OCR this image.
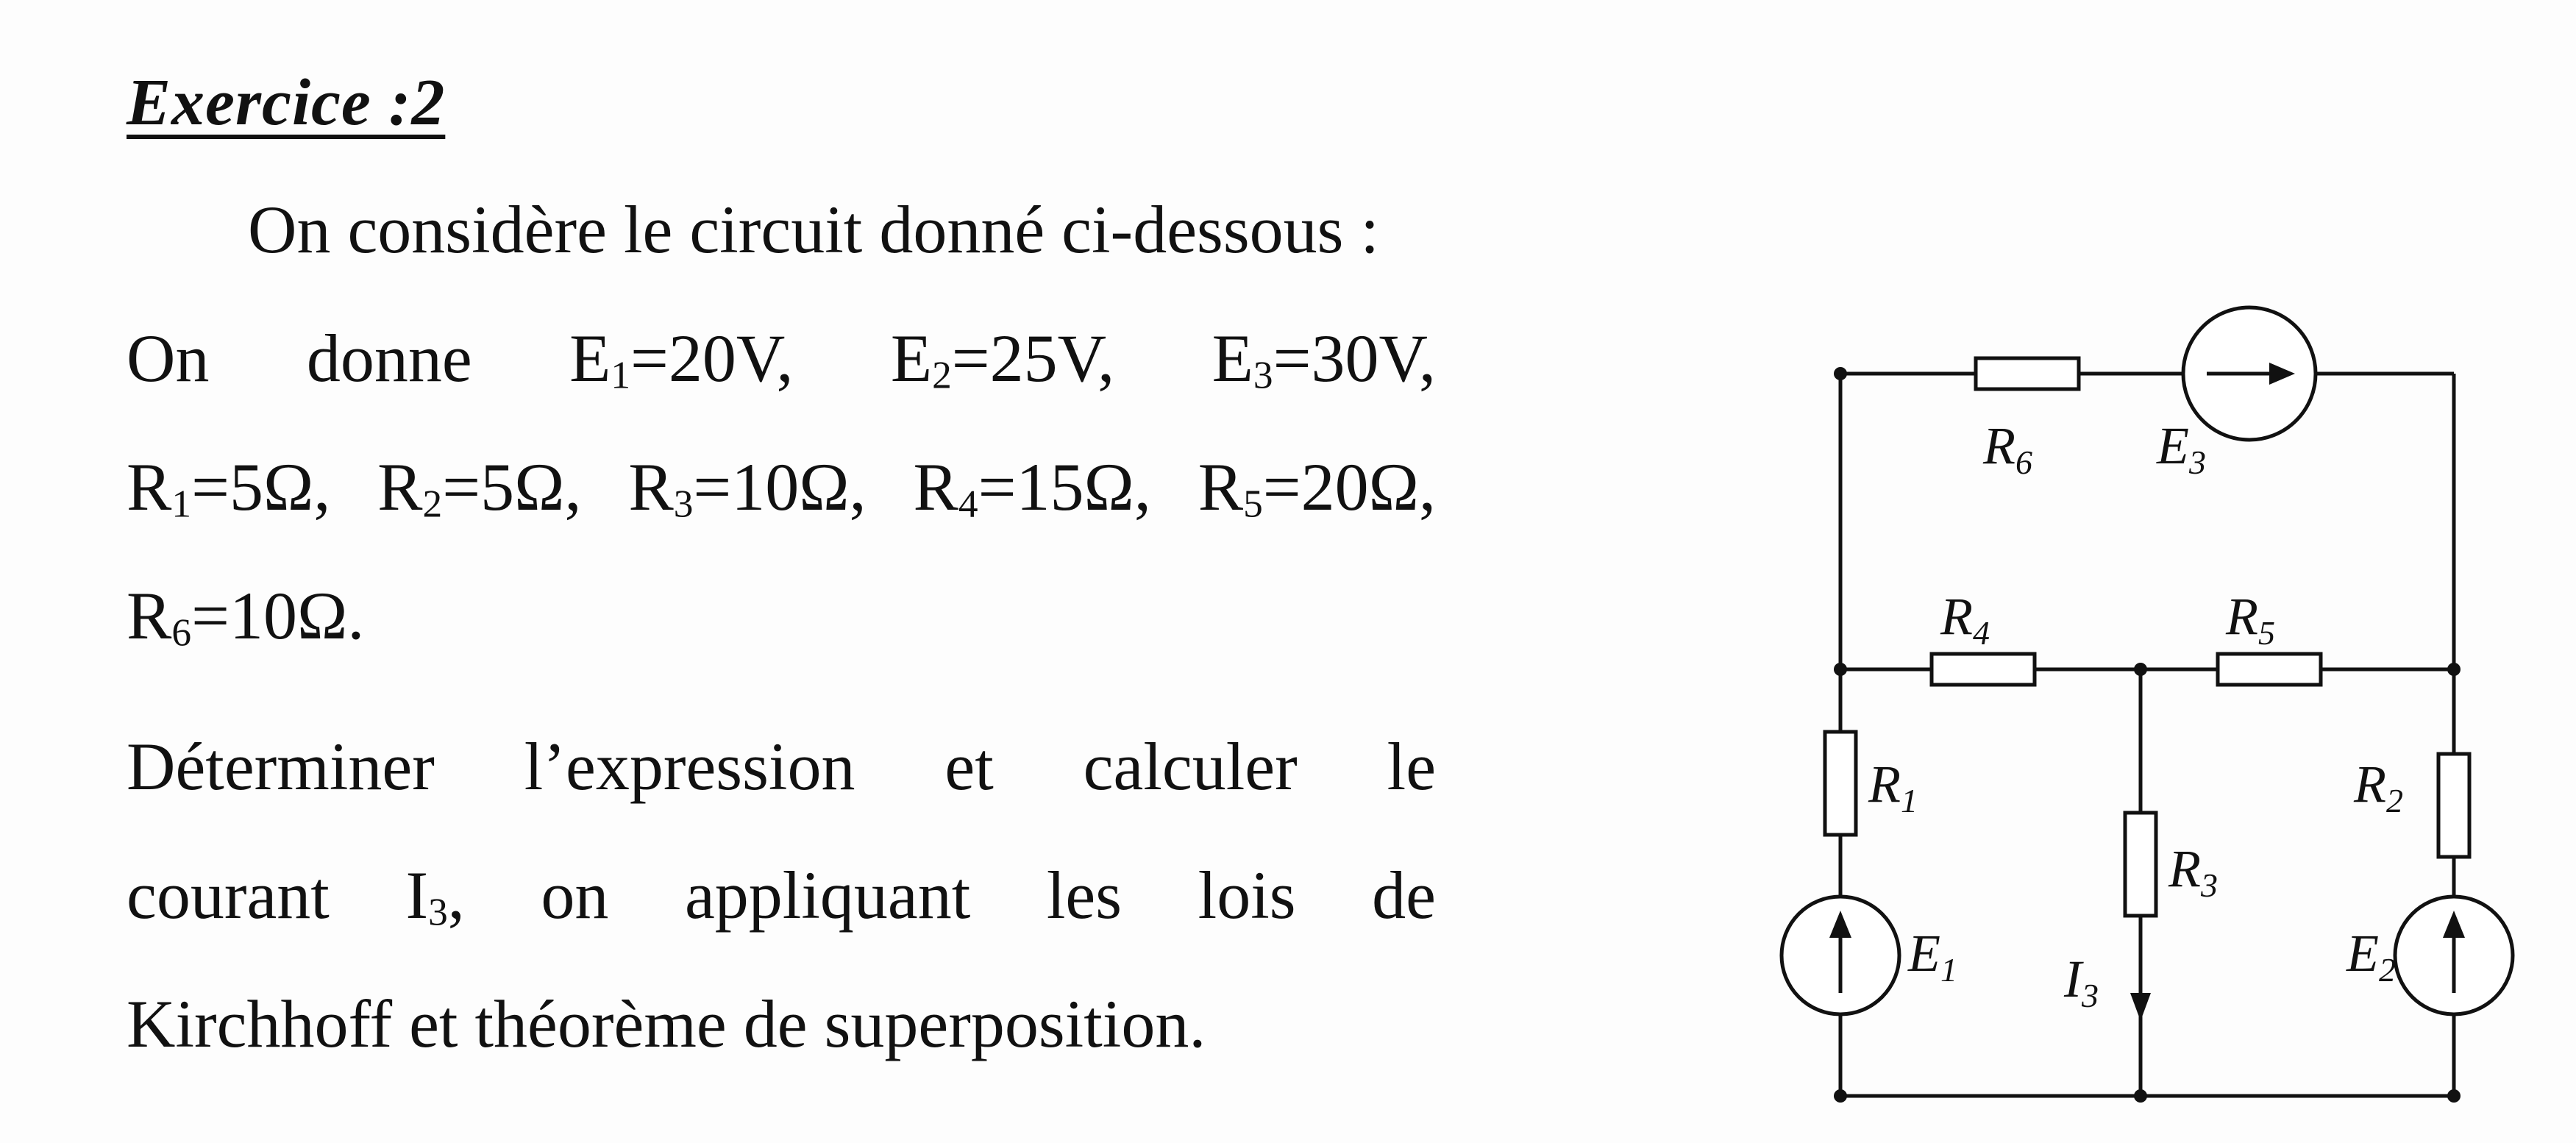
Exercice :2
On considère le circuit donné ci-dessous :
On donne $E_1=20V$, $E_2=25V$, $E_3=30V$,
$R_1=5\Omega$, $R_2=5\Omega$, $R_3=10\Omega$, $R_4=15\Omega$, $R_5=20\Omega$,
$R_6=10\Omega$.
Déterminer l’expression et calculer le
courant $I_3$, on appliquant les lois de
Kirchhoff et théorème de superposition.
R6 E3
R4	R5
R1	R2
R3
E1	E2
I3
